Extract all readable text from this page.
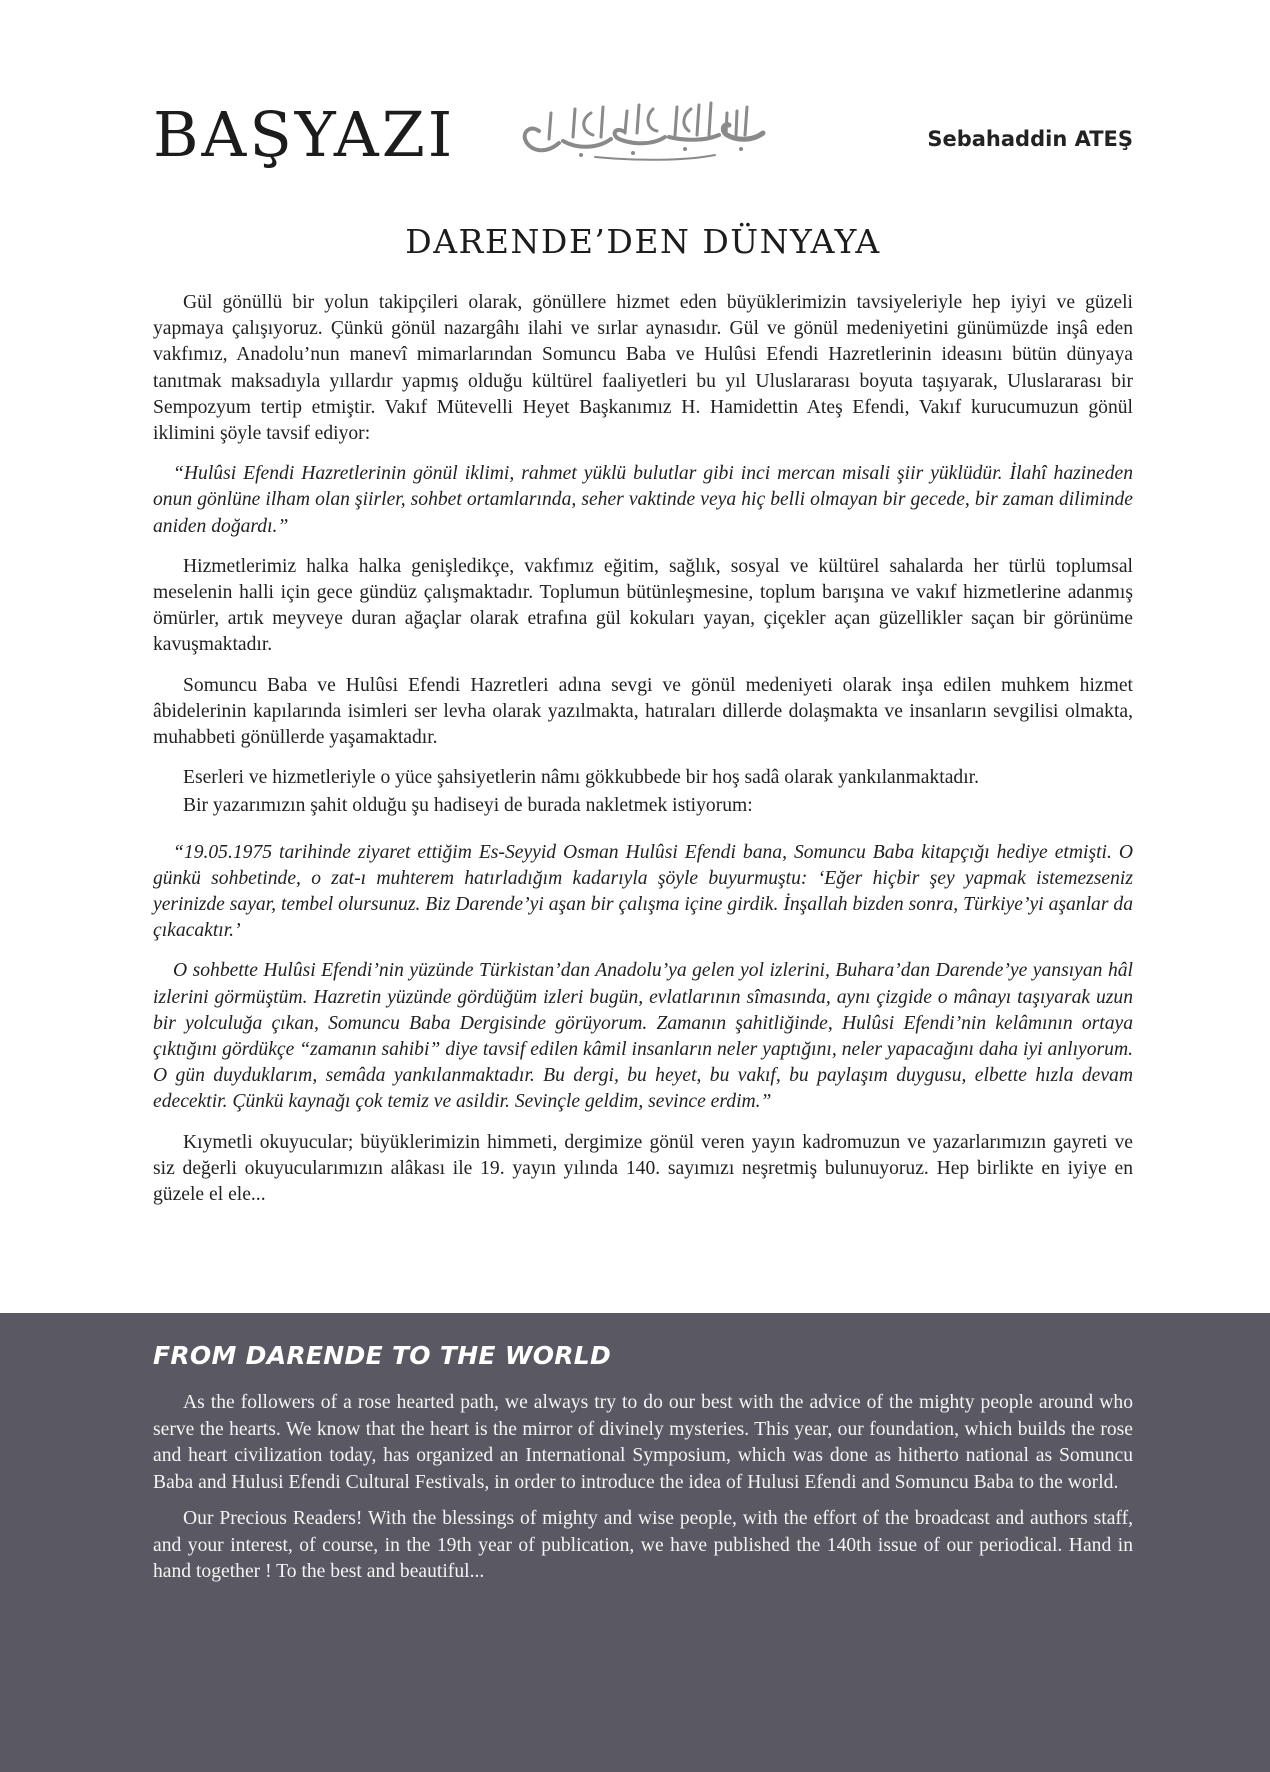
BAŞYAZI	Sebahaddin ATEŞ
DARENDE’DEN DÜNYAYA

Gül gönüllü bir yolun takipçileri olarak, gönüllere hizmet eden büyüklerimizin tavsiyeleriyle hep iyiyi ve güzeli yapmaya çalışıyoruz. Çünkü gönül nazargâhı ilahi ve sırlar aynasıdır. Gül ve gönül medeniyetini günümüzde inşâ eden vakfımız, Anadolu’nun manevî mimarlarından Somuncu Baba ve Hulûsi Efendi Hazretlerinin ideasını bütün dünyaya tanıtmak maksadıyla yıllardır yapmış olduğu kültürel faaliyetleri bu yıl Uluslararası boyuta taşıyarak, Uluslararası bir Sempozyum tertip etmiştir. Vakıf Mütevelli Heyet Başkanımız H. Hamidettin Ateş Efendi, Vakıf kurucumuzun gönül iklimini şöyle tavsif ediyor:

“Hulûsi Efendi Hazretlerinin gönül iklimi, rahmet yüklü bulutlar gibi inci mercan misali şiir yüklüdür. İlahî hazineden onun gönlüne ilham olan şiirler, sohbet ortamlarında, seher vaktinde veya hiç belli olmayan bir gecede, bir zaman diliminde aniden doğardı.”

Hizmetlerimiz halka halka genişledikçe, vakfımız eğitim, sağlık, sosyal ve kültürel sahalarda her türlü toplumsal meselenin halli için gece gündüz çalışmaktadır. Toplumun bütünleşmesine, toplum barışına ve vakıf hizmetlerine adanmış ömürler, artık meyveye duran ağaçlar olarak etrafına gül kokuları yayan, çiçekler açan güzellikler saçan bir görünüme kavuşmaktadır.

Somuncu Baba ve Hulûsi Efendi Hazretleri adına sevgi ve gönül medeniyeti olarak inşa edilen muhkem hizmet âbidelerinin kapılarında isimleri ser levha olarak yazılmakta, hatıraları dillerde dolaşmakta ve insanların sevgilisi olmakta, muhabbeti gönüllerde yaşamaktadır.

Eserleri ve hizmetleriyle o yüce şahsiyetlerin nâmı gökkubbede bir hoş sadâ olarak yankılanmaktadır.

Bir yazarımızın şahit olduğu şu hadiseyi de burada nakletmek istiyorum:

“19.05.1975 tarihinde ziyaret ettiğim Es-Seyyid Osman Hulûsi Efendi bana, Somuncu Baba kitapçığı hediye etmişti. O günkü sohbetinde, o zat-ı muhterem hatırladığım kadarıyla şöyle buyurmuştu: ‘Eğer hiçbir şey yapmak istemezseniz yerinizde sayar, tembel olursunuz. Biz Darende’yi aşan bir çalışma içine girdik. İnşallah bizden sonra, Türkiye’yi aşanlar da çıkacaktır.’

O sohbette Hulûsi Efendi’nin yüzünde Türkistan’dan Anadolu’ya gelen yol izlerini, Buhara’dan Darende’ye yansıyan hâl izlerini görmüştüm. Hazretin yüzünde gördüğüm izleri bugün, evlatlarının sîmasında, aynı çizgide o mânayı taşıyarak uzun bir yolculuğa çıkan, Somuncu Baba Dergisinde görüyorum. Zamanın şahitliğinde, Hulûsi Efendi’nin kelâmının ortaya çıktığını gördükçe “zamanın sahibi” diye tavsif edilen kâmil insanların neler yaptığını, neler yapacağını daha iyi anlıyorum. O gün duyduklarım, semâda yankılanmaktadır. Bu dergi, bu heyet, bu vakıf, bu paylaşım duygusu, elbette hızla devam edecektir. Çünkü kaynağı çok temiz ve asildir. Sevinçle geldim, sevince erdim.”

Kıymetli okuyucular; büyüklerimizin himmeti, dergimize gönül veren yayın kadromuzun ve yazarlarımızın gayreti ve siz değerli okuyucularımızın alâkası ile 19. yayın yılında 140. sayımızı neşretmiş bulunuyoruz. Hep birlikte en iyiye en güzele el ele...

FROM DARENDE TO THE WORLD

As the followers of a rose hearted path, we always try to do our best with the advice of the mighty people around who serve the hearts. We know that the heart is the mirror of divinely mysteries. This year, our foundation, which builds the rose and heart civilization today, has organized an International Symposium, which was done as hitherto national as Somuncu Baba and Hulusi Efendi Cultural Festivals, in order to introduce the idea of Hulusi Efendi and Somuncu Baba to the world.

Our Precious Readers! With the blessings of mighty and wise people, with the effort of the broadcast and authors staff, and your interest, of course, in the 19th year of publication, we have published the 140th issue of our periodical. Hand in hand together ! To the best and beautiful...
